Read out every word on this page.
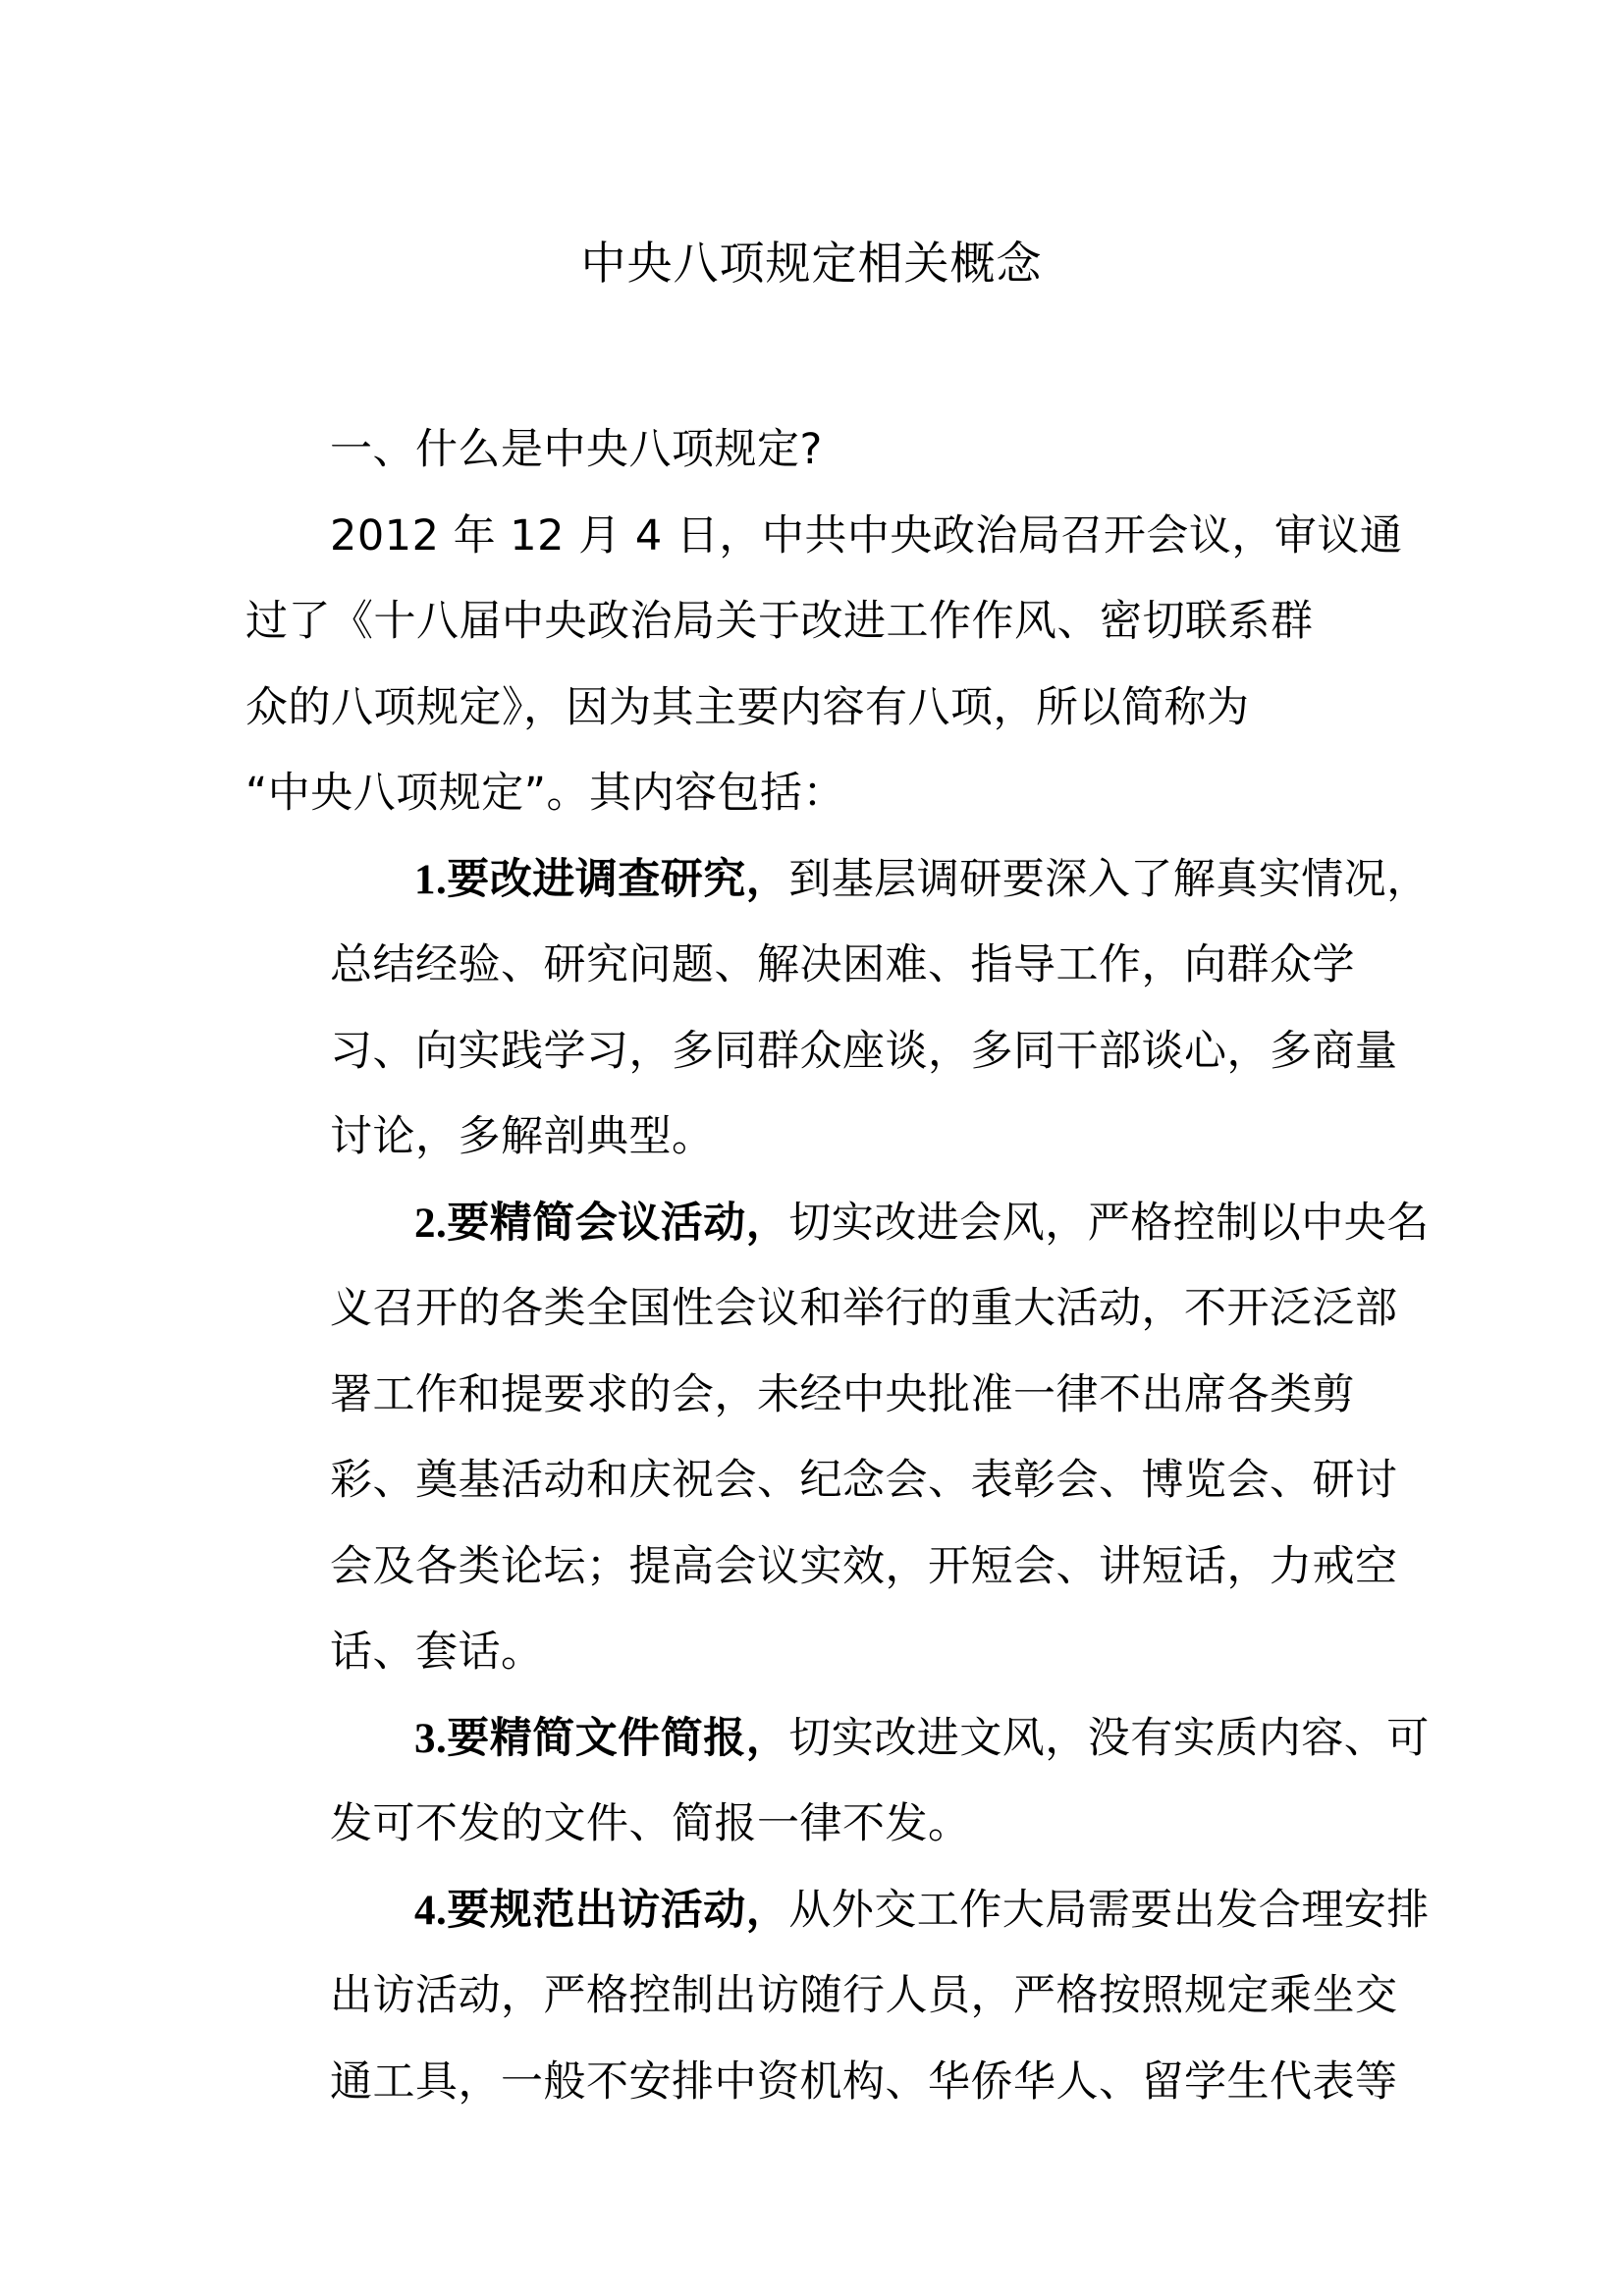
中央八项规定相关概念

一、什么是中央八项规定?

2012 年 12 月 4 日，中共中央政治局召开会议，审议通
过了《十八届中央政治局关于改进工作作风、密切联系群
众的八项规定》，因为其主要内容有八项，所以简称为
“中央八项规定”。其内容包括：
1.要改进调查研究，到基层调研要深入了解真实情况，
总结经验、研究问题、解决困难、指导工作，向群众学
习、向实践学习，多同群众座谈，多同干部谈心，多商量
讨论，多解剖典型。
2.要精简会议活动，切实改进会风，严格控制以中央名
义召开的各类全国性会议和举行的重大活动，不开泛泛部
署工作和提要求的会，未经中央批准一律不出席各类剪
彩、奠基活动和庆祝会、纪念会、表彰会、博览会、研讨
会及各类论坛；提高会议实效，开短会、讲短话，力戒空
话、套话。
3.要精简文件简报，切实改进文风，没有实质内容、可
发可不发的文件、简报一律不发。
4.要规范出访活动，从外交工作大局需要出发合理安排
出访活动，严格控制出访随行人员，严格按照规定乘坐交
通工具，一般不安排中资机构、华侨华人、留学生代表等
